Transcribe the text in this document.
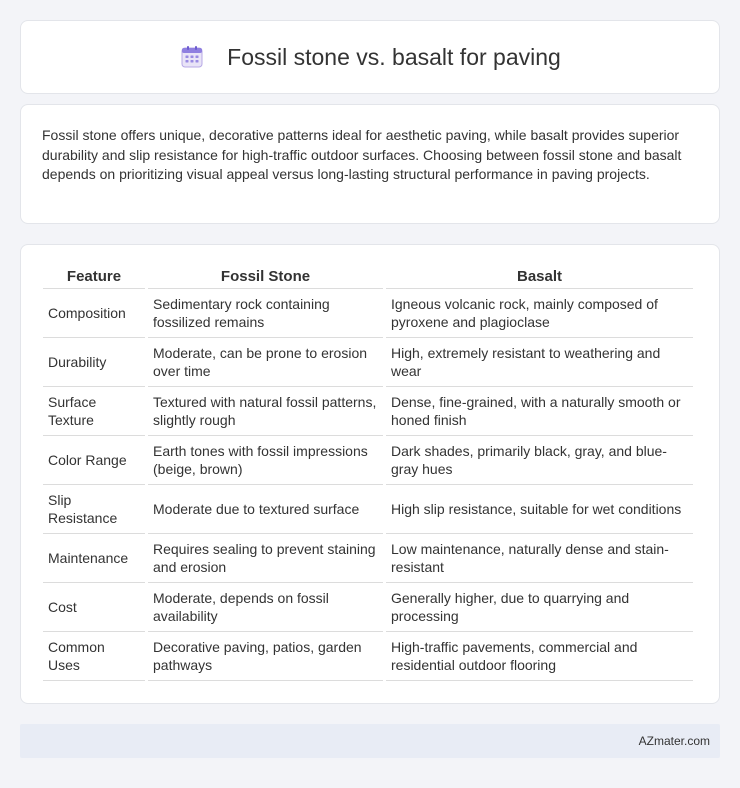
Fossil stone vs. basalt for paving

Fossil stone offers unique, decorative patterns ideal for aesthetic paving, while basalt provides superior durability and slip resistance for high-traffic outdoor surfaces. Choosing between fossil stone and basalt depends on prioritizing visual appeal versus long-lasting structural performance in paving projects.

Feature	Fossil Stone	Basalt
Composition	Sedimentary rock containing fossilized remains	Igneous volcanic rock, mainly composed of pyroxene and plagioclase
Durability	Moderate, can be prone to erosion over time	High, extremely resistant to weathering and wear
Surface Texture	Textured with natural fossil patterns, slightly rough	Dense, fine-grained, with a naturally smooth or honed finish
Color Range	Earth tones with fossil impressions (beige, brown)	Dark shades, primarily black, gray, and blue-gray hues
Slip Resistance	Moderate due to textured surface	High slip resistance, suitable for wet conditions
Maintenance	Requires sealing to prevent staining and erosion	Low maintenance, naturally dense and stain-resistant
Cost	Moderate, depends on fossil availability	Generally higher, due to quarrying and processing
Common Uses	Decorative paving, patios, garden pathways	High-traffic pavements, commercial and residential outdoor flooring
AZmater.com
